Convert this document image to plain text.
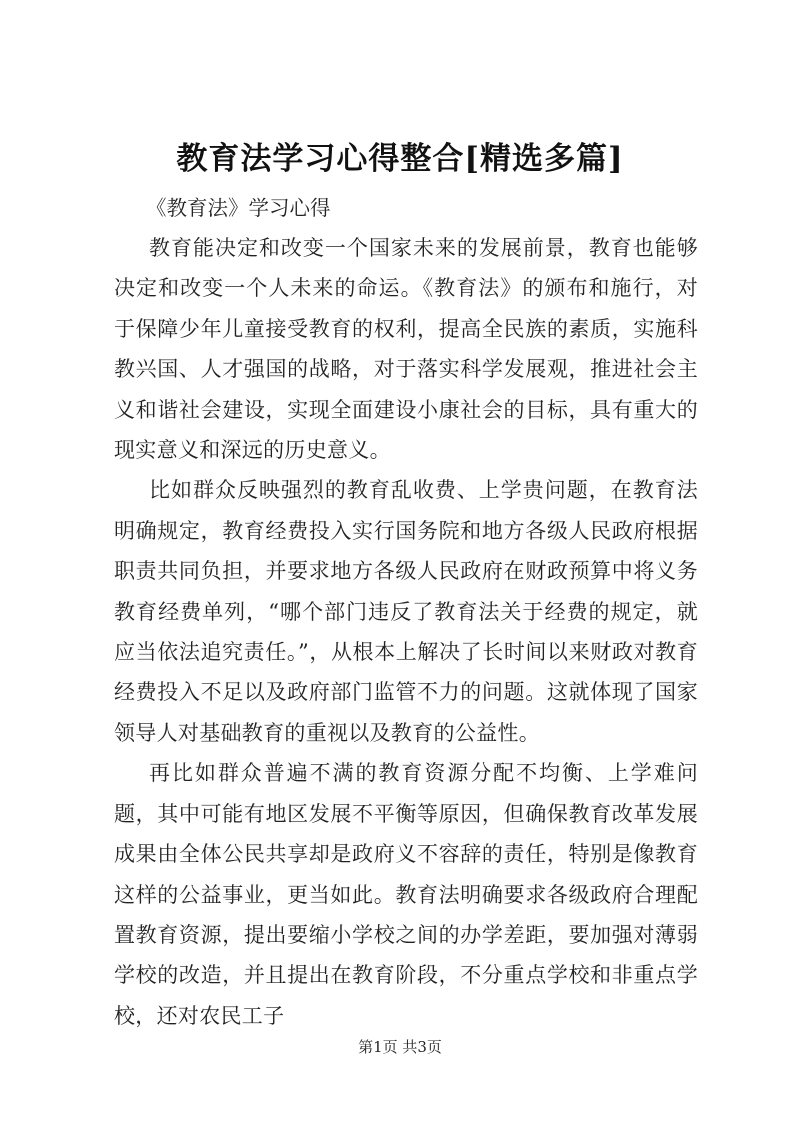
教育法学习心得整合[精选多篇]

《教育法》学习心得

教育能决定和改变一个国家未来的发展前景，教育也能够决定和改变一个人未来的命运。《教育法》的颁布和施行，对于保障少年儿童接受教育的权利，提高全民族的素质，实施科教兴国、人才强国的战略，对于落实科学发展观，推进社会主义和谐社会建设，实现全面建设小康社会的目标，具有重大的现实意义和深远的历史意义。

比如群众反映强烈的教育乱收费、上学贵问题，在教育法明确规定，教育经费投入实行国务院和地方各级人民政府根据职责共同负担，并要求地方各级人民政府在财政预算中将义务教育经费单列，“哪个部门违反了教育法关于经费的规定，就应当依法追究责任。”，从根本上解决了长时间以来财政对教育经费投入不足以及政府部门监管不力的问题。这就体现了国家领导人对基础教育的重视以及教育的公益性。

再比如群众普遍不满的教育资源分配不均衡、上学难问题，其中可能有地区发展不平衡等原因，但确保教育改革发展成果由全体公民共享却是政府义不容辞的责任，特别是像教育这样的公益事业，更当如此。教育法明确要求各级政府合理配置教育资源，提出要缩小学校之间的办学差距，要加强对薄弱学校的改造，并且提出在教育阶段，不分重点学校和非重点学校，还对农民工子

第1页 共3页
